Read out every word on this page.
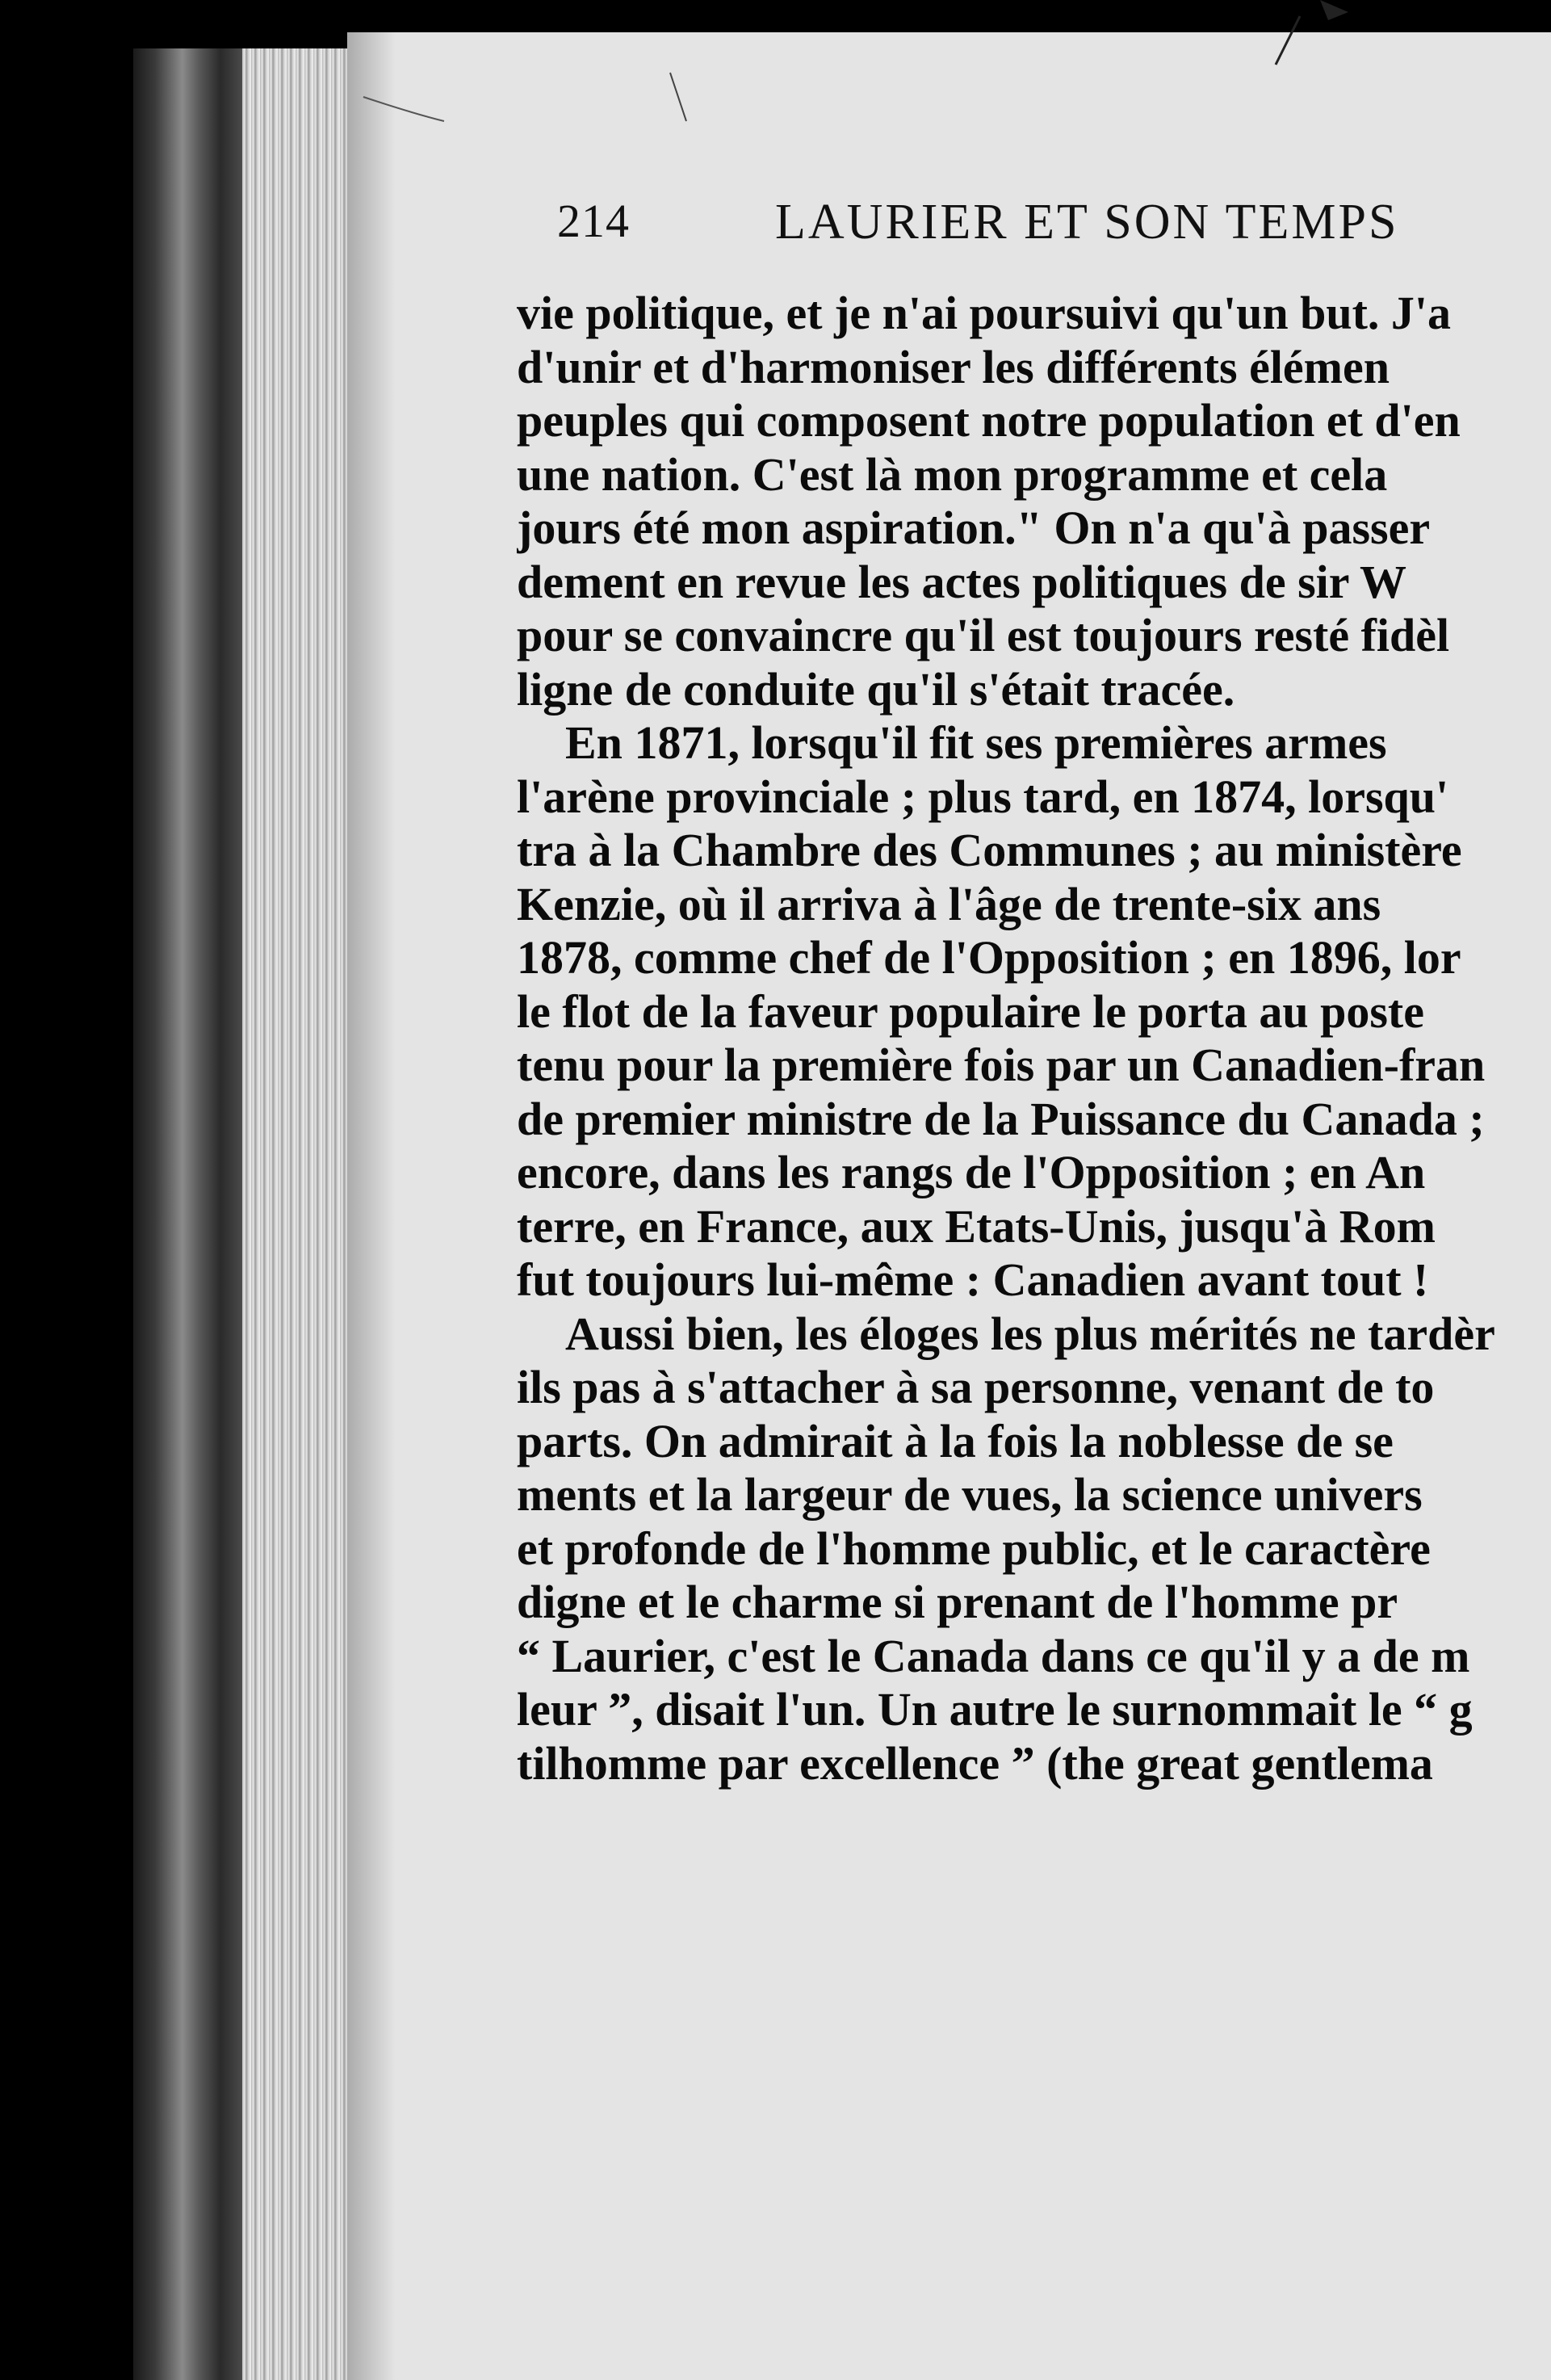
214	LAURIER ET SON TEMPS
vie politique, et je n'ai poursuivi qu'un but. J'a
d'unir et d'harmoniser les différents élémen
peuples qui composent notre population et d'en
une nation. C'est là mon programme et cela
jours été mon aspiration." On n'a qu'à passer
dement en revue les actes politiques de sir W
pour se convaincre qu'il est toujours resté fidèl
ligne de conduite qu'il s'était tracée.
En 1871, lorsqu'il fit ses premières armes
l'arène provinciale ; plus tard, en 1874, lorsqu'
tra à la Chambre des Communes ; au ministère
Kenzie, où il arriva à l'âge de trente-six ans
1878, comme chef de l'Opposition ; en 1896, lor
le flot de la faveur populaire le porta au poste
tenu pour la première fois par un Canadien-fran
de premier ministre de la Puissance du Canada ;
encore, dans les rangs de l'Opposition ; en An
terre, en France, aux Etats-Unis, jusqu'à Rom
fut toujours lui-même : Canadien avant tout !
Aussi bien, les éloges les plus mérités ne tardèr
ils pas à s'attacher à sa personne, venant de to
parts. On admirait à la fois la noblesse de se
ments et la largeur de vues, la science univers
et profonde de l'homme public, et le caractère
digne et le charme si prenant de l'homme pr
“ Laurier, c'est le Canada dans ce qu'il y a de m
leur ”, disait l'un. Un autre le surnommait le “ g
tilhomme par excellence ” (the great gentlema
